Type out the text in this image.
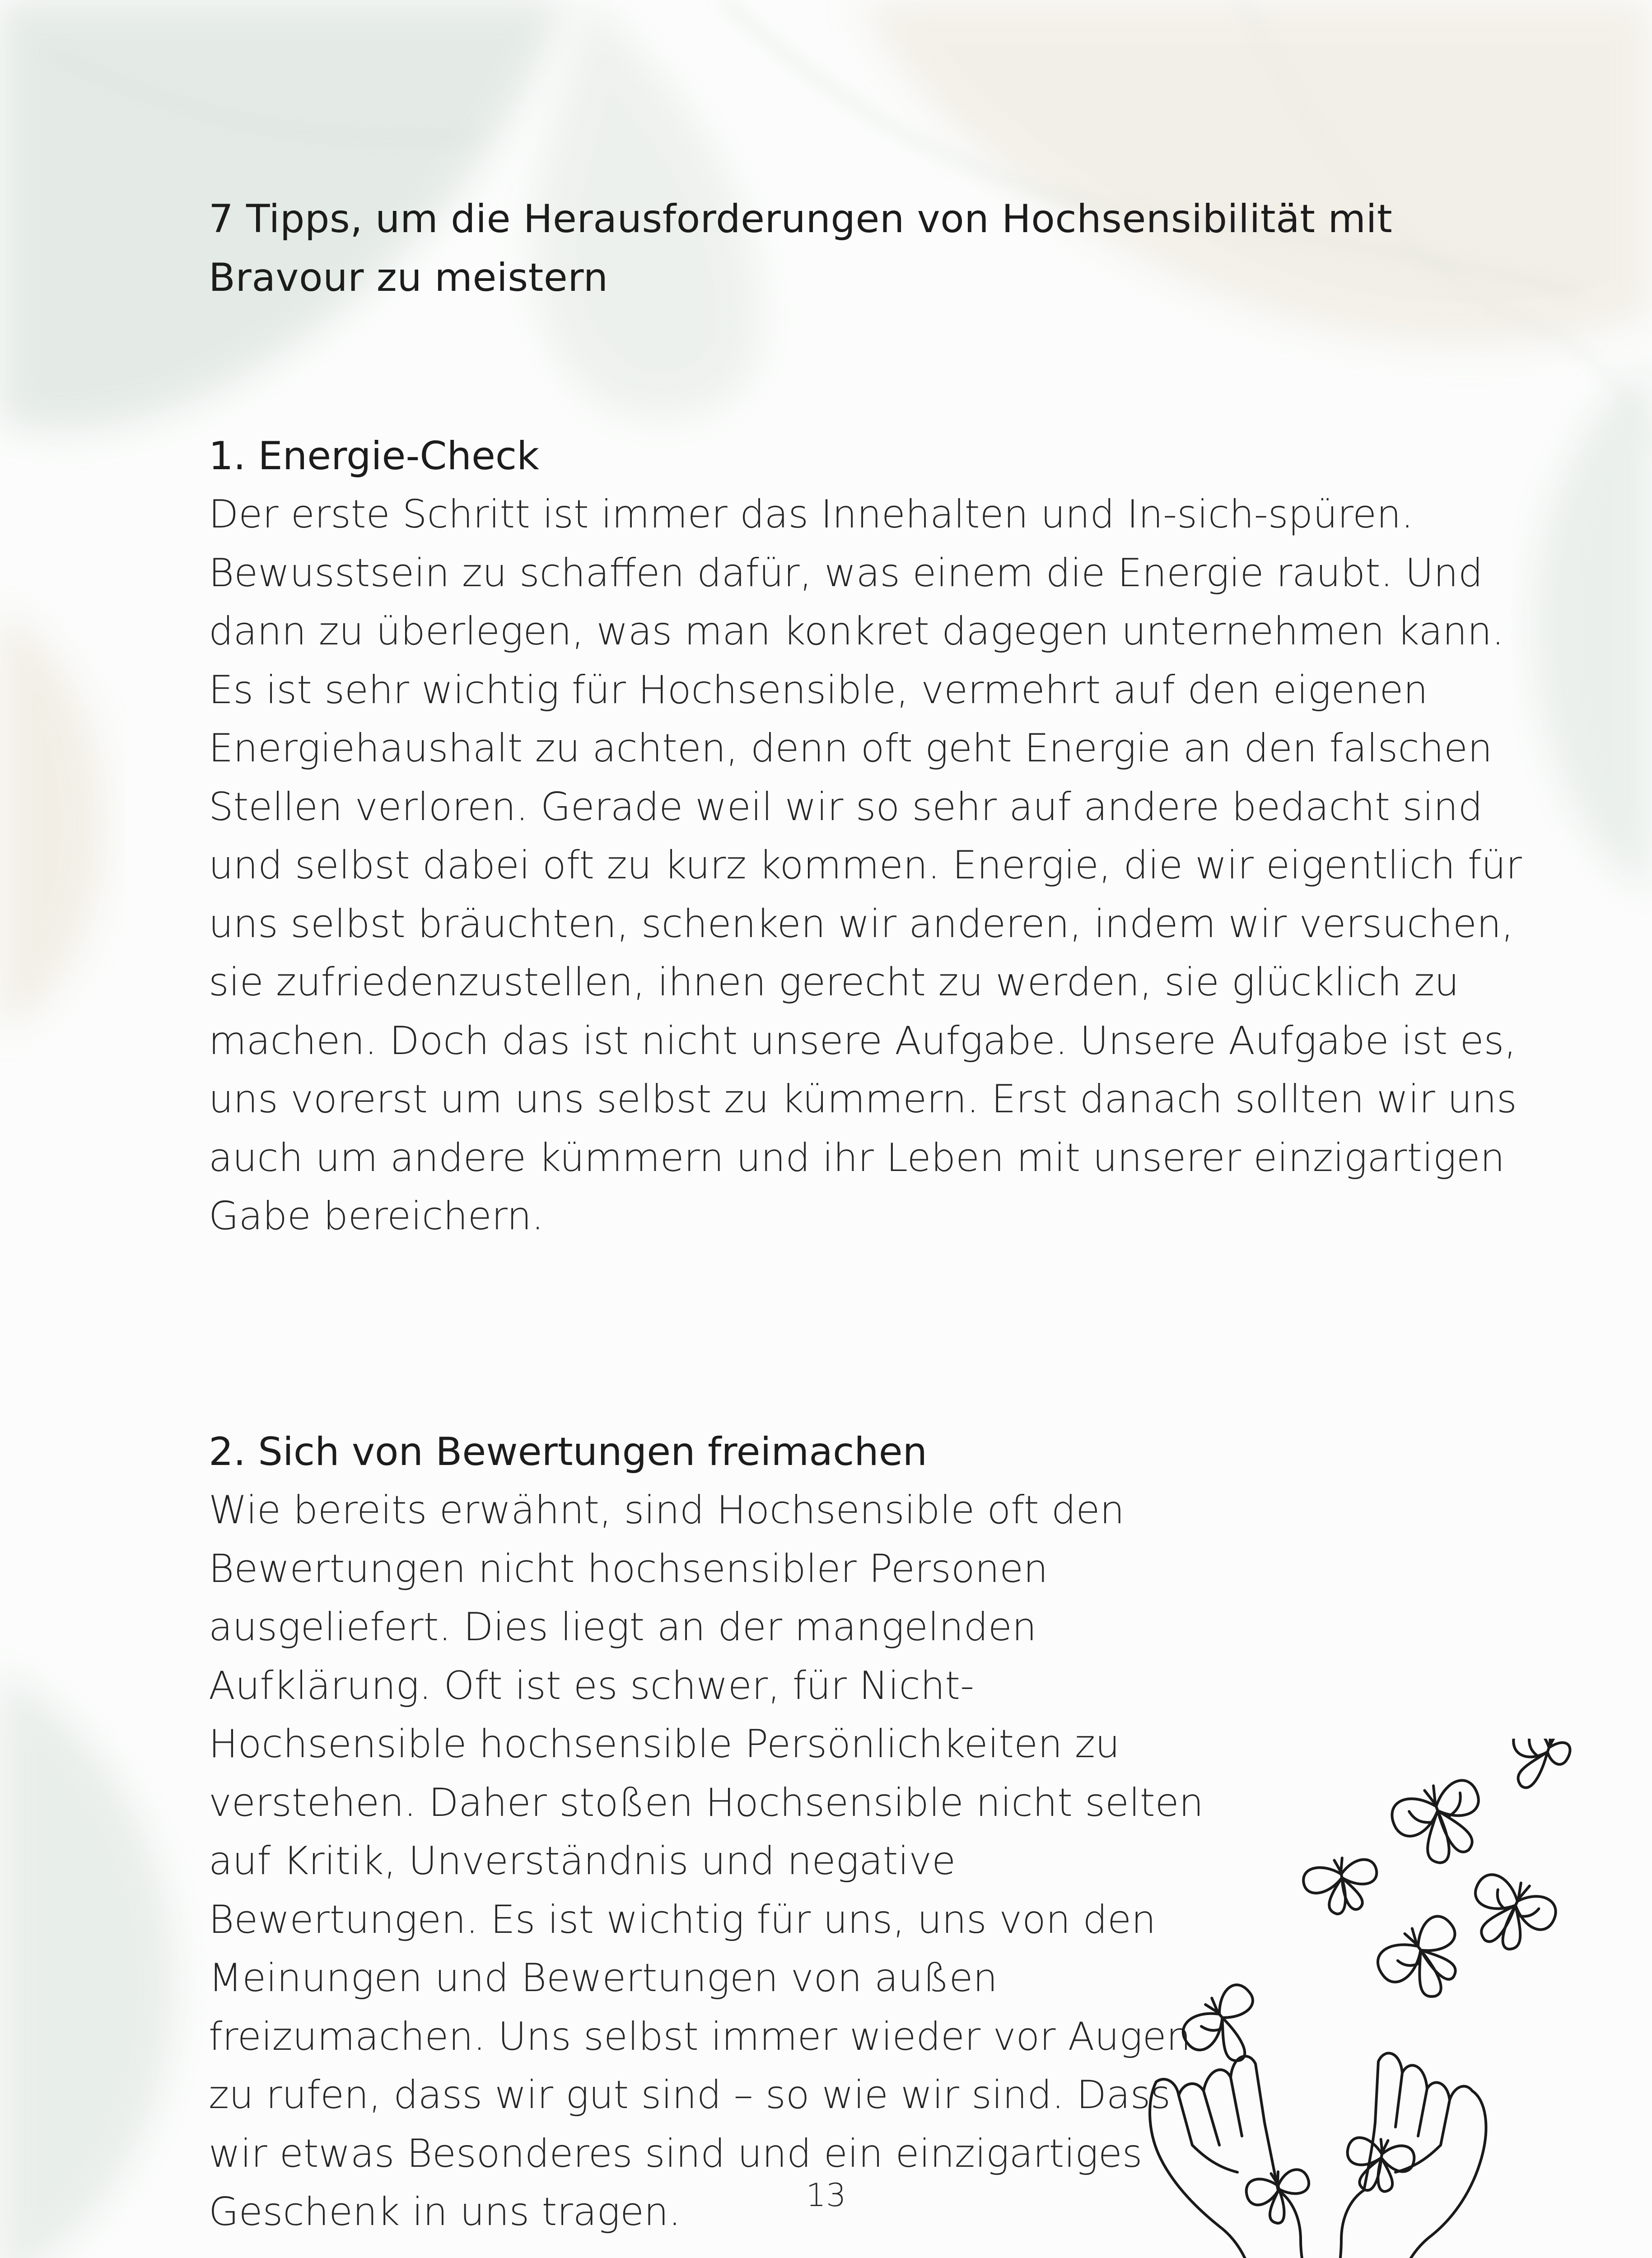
7 Tipps, um die Herausforderungen von Hochsensibilität mit

Bravour zu meistern

1. Energie-Check

Der erste Schritt ist immer das Innehalten und In-sich-spüren. Bewusstsein zu schaffen dafür, was einem die Energie raubt. Und dann zu überlegen, was man konkret dagegen unternehmen kann. Es ist sehr wichtig für Hochsensible, vermehrt auf den eigenen Energiehaushalt zu achten, denn oft geht Energie an den falschen Stellen verloren. Gerade weil wir so sehr auf andere bedacht sind und selbst dabei oft zu kurz kommen. Energie, die wir eigentlich für uns selbst bräuchten, schenken wir anderen, indem wir versuchen, sie zufriedenzustellen, ihnen gerecht zu werden, sie glücklich zu machen. Doch das ist nicht unsere Aufgabe. Unsere Aufgabe ist es, uns vorerst um uns selbst zu kümmern. Erst danach sollten wir uns auch um andere kümmern und ihr Leben mit unserer einzigartigen Gabe bereichern.

2. Sich von Bewertungen freimachen

Wie bereits erwähnt, sind Hochsensible oft den Bewertungen nicht hochsensibler Personen ausgeliefert. Dies liegt an der mangelnden Aufklärung. Oft ist es schwer, für Nicht-Hochsensible hochsensible Persönlichkeiten zu verstehen. Daher stoßen Hochsensible nicht selten auf Kritik, Unverständnis und negative Bewertungen. Es ist wichtig für uns, uns von den Meinungen und Bewertungen von außen freizumachen. Uns selbst immer wieder vor Augen zu rufen, dass wir gut sind – so wie wir sind. Dass wir etwas Besonderes sind und ein einzigartiges Geschenk in uns tragen.	13
